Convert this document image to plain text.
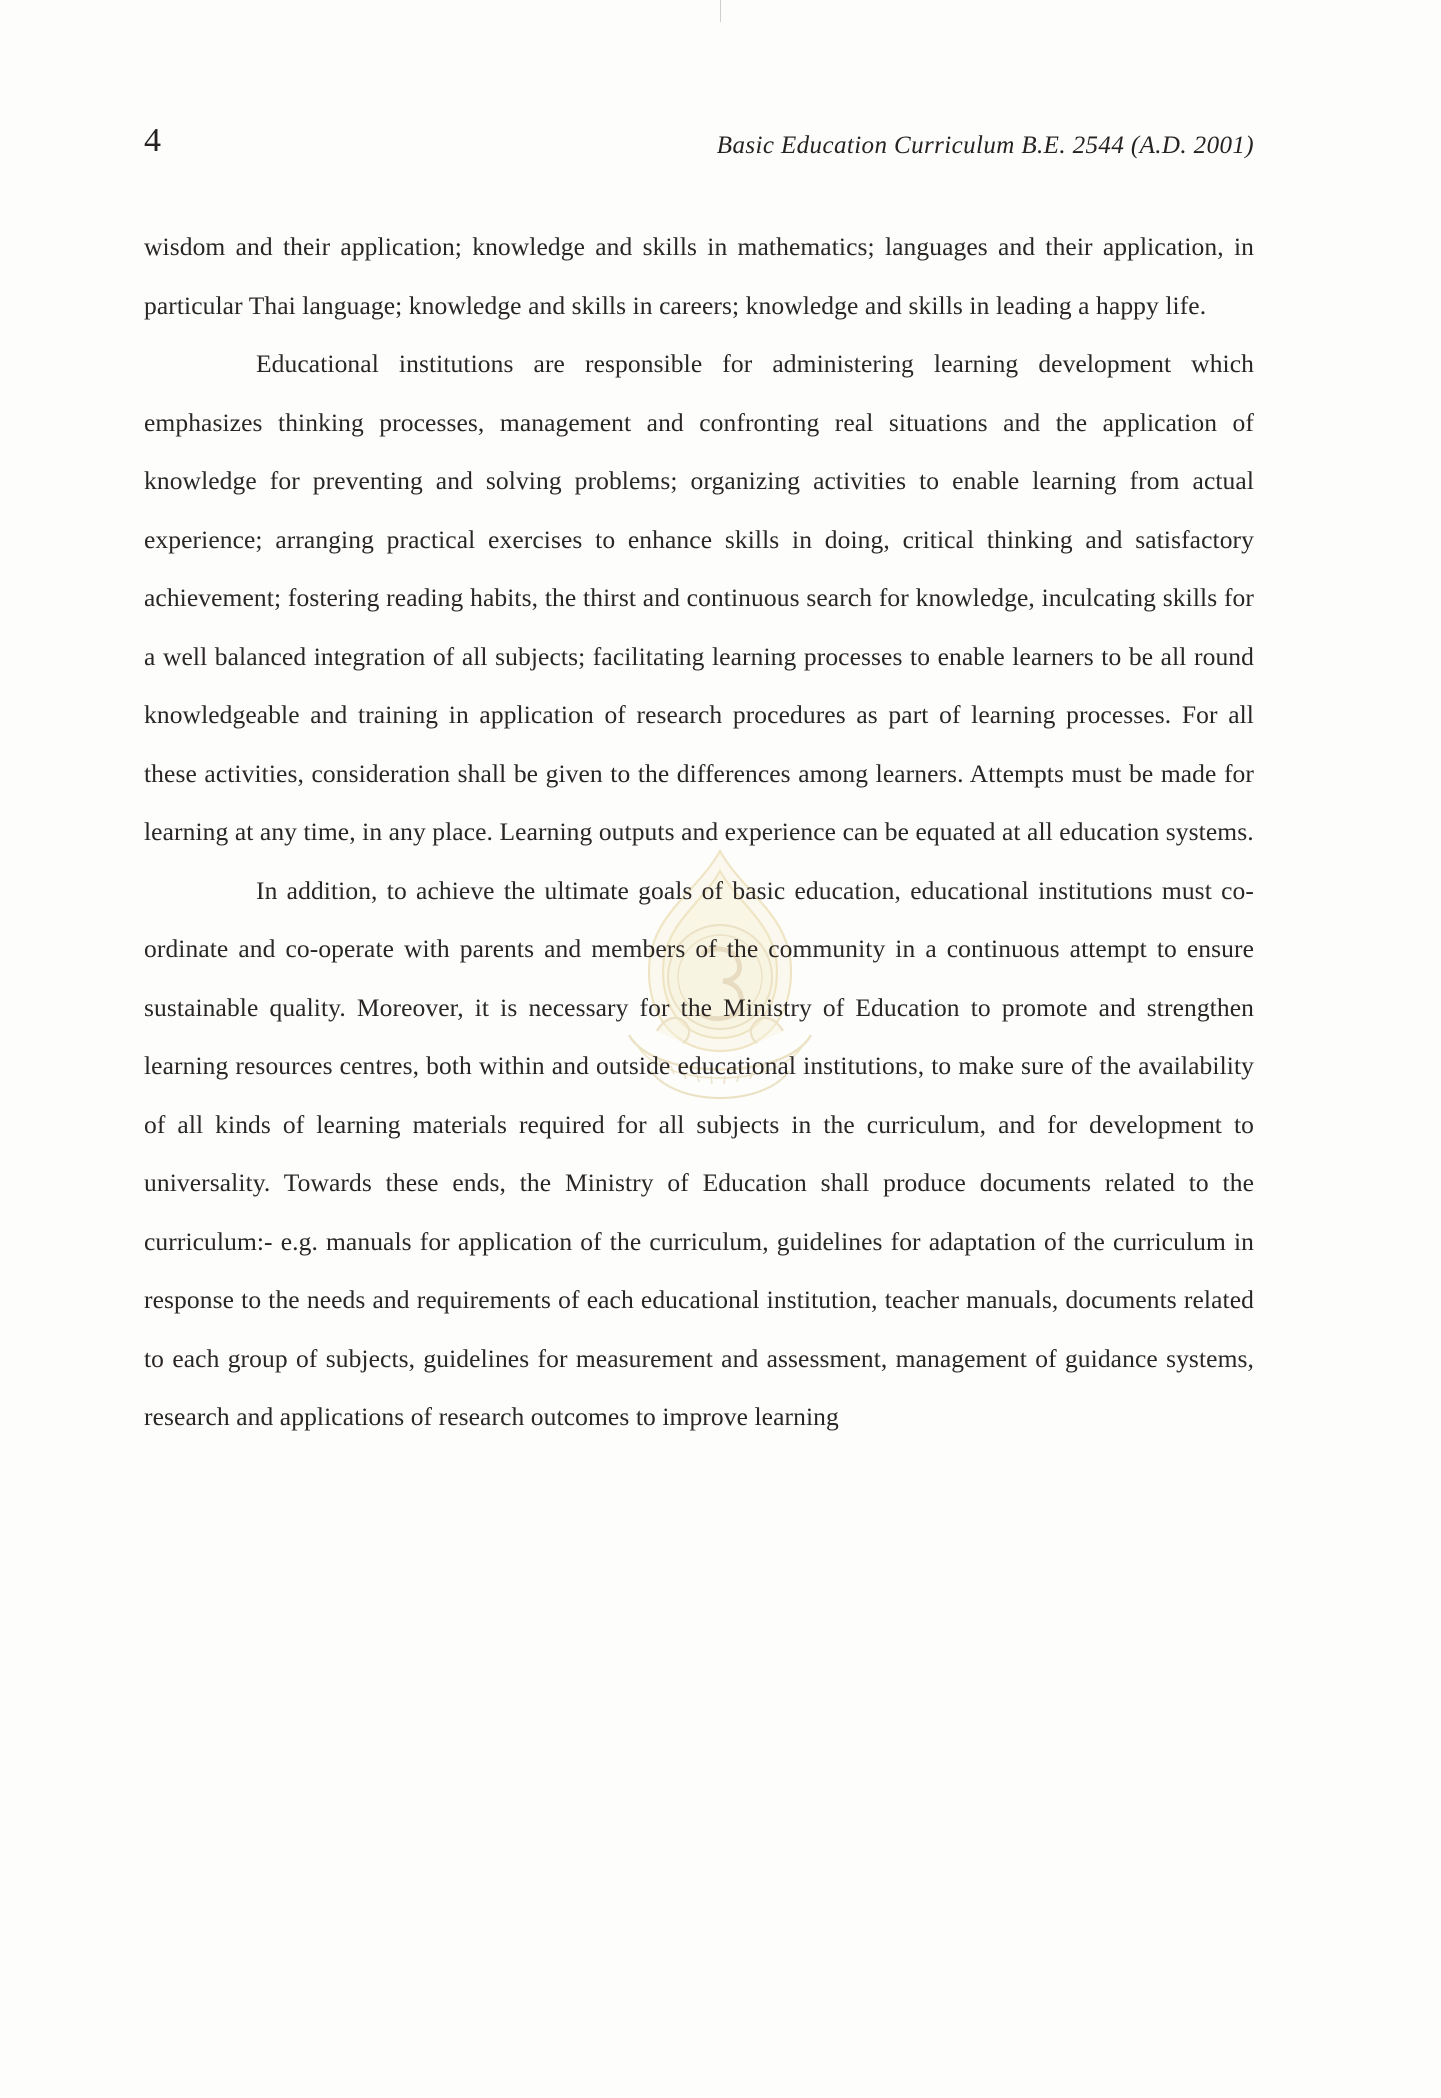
4	Basic Education Curriculum B.E. 2544 (A.D. 2001)

wisdom and their application; knowledge and skills in mathematics; languages and their application, in particular Thai language; knowledge and skills in careers; knowledge and skills in leading a happy life.

Educational institutions are responsible for administering learning development which emphasizes thinking processes, management and confronting real situations and the application of knowledge for preventing and solving problems; organizing activities to enable learning from actual experience; arranging practical exercises to enhance skills in doing, critical thinking and satisfactory achievement; fostering reading habits, the thirst and continuous search for knowledge, inculcating skills for a well balanced integration of all subjects; facilitating learning processes to enable learners to be all round knowledgeable and training in application of research procedures as part of learning processes. For all these activities, consideration shall be given to the differences among learners. Attempts must be made for learning at any time, in any place. Learning outputs and experience can be equated at all education systems.

In addition, to achieve the ultimate goals of basic education, educational institutions must co-ordinate and co-operate with parents and members of the community in a continuous attempt to ensure sustainable quality. Moreover, it is necessary for the Ministry of Education to promote and strengthen learning resources centres, both within and outside educational institutions, to make sure of the availability of all kinds of learning materials required for all subjects in the curriculum, and for development to universality. Towards these ends, the Ministry of Education shall produce documents related to the curriculum:- e.g. manuals for application of the curriculum, guidelines for adaptation of the curriculum in response to the needs and requirements of each educational institution, teacher manuals, documents related to each group of subjects, guidelines for measurement and assessment, management of guidance systems, research and applications of research outcomes to improve learning
